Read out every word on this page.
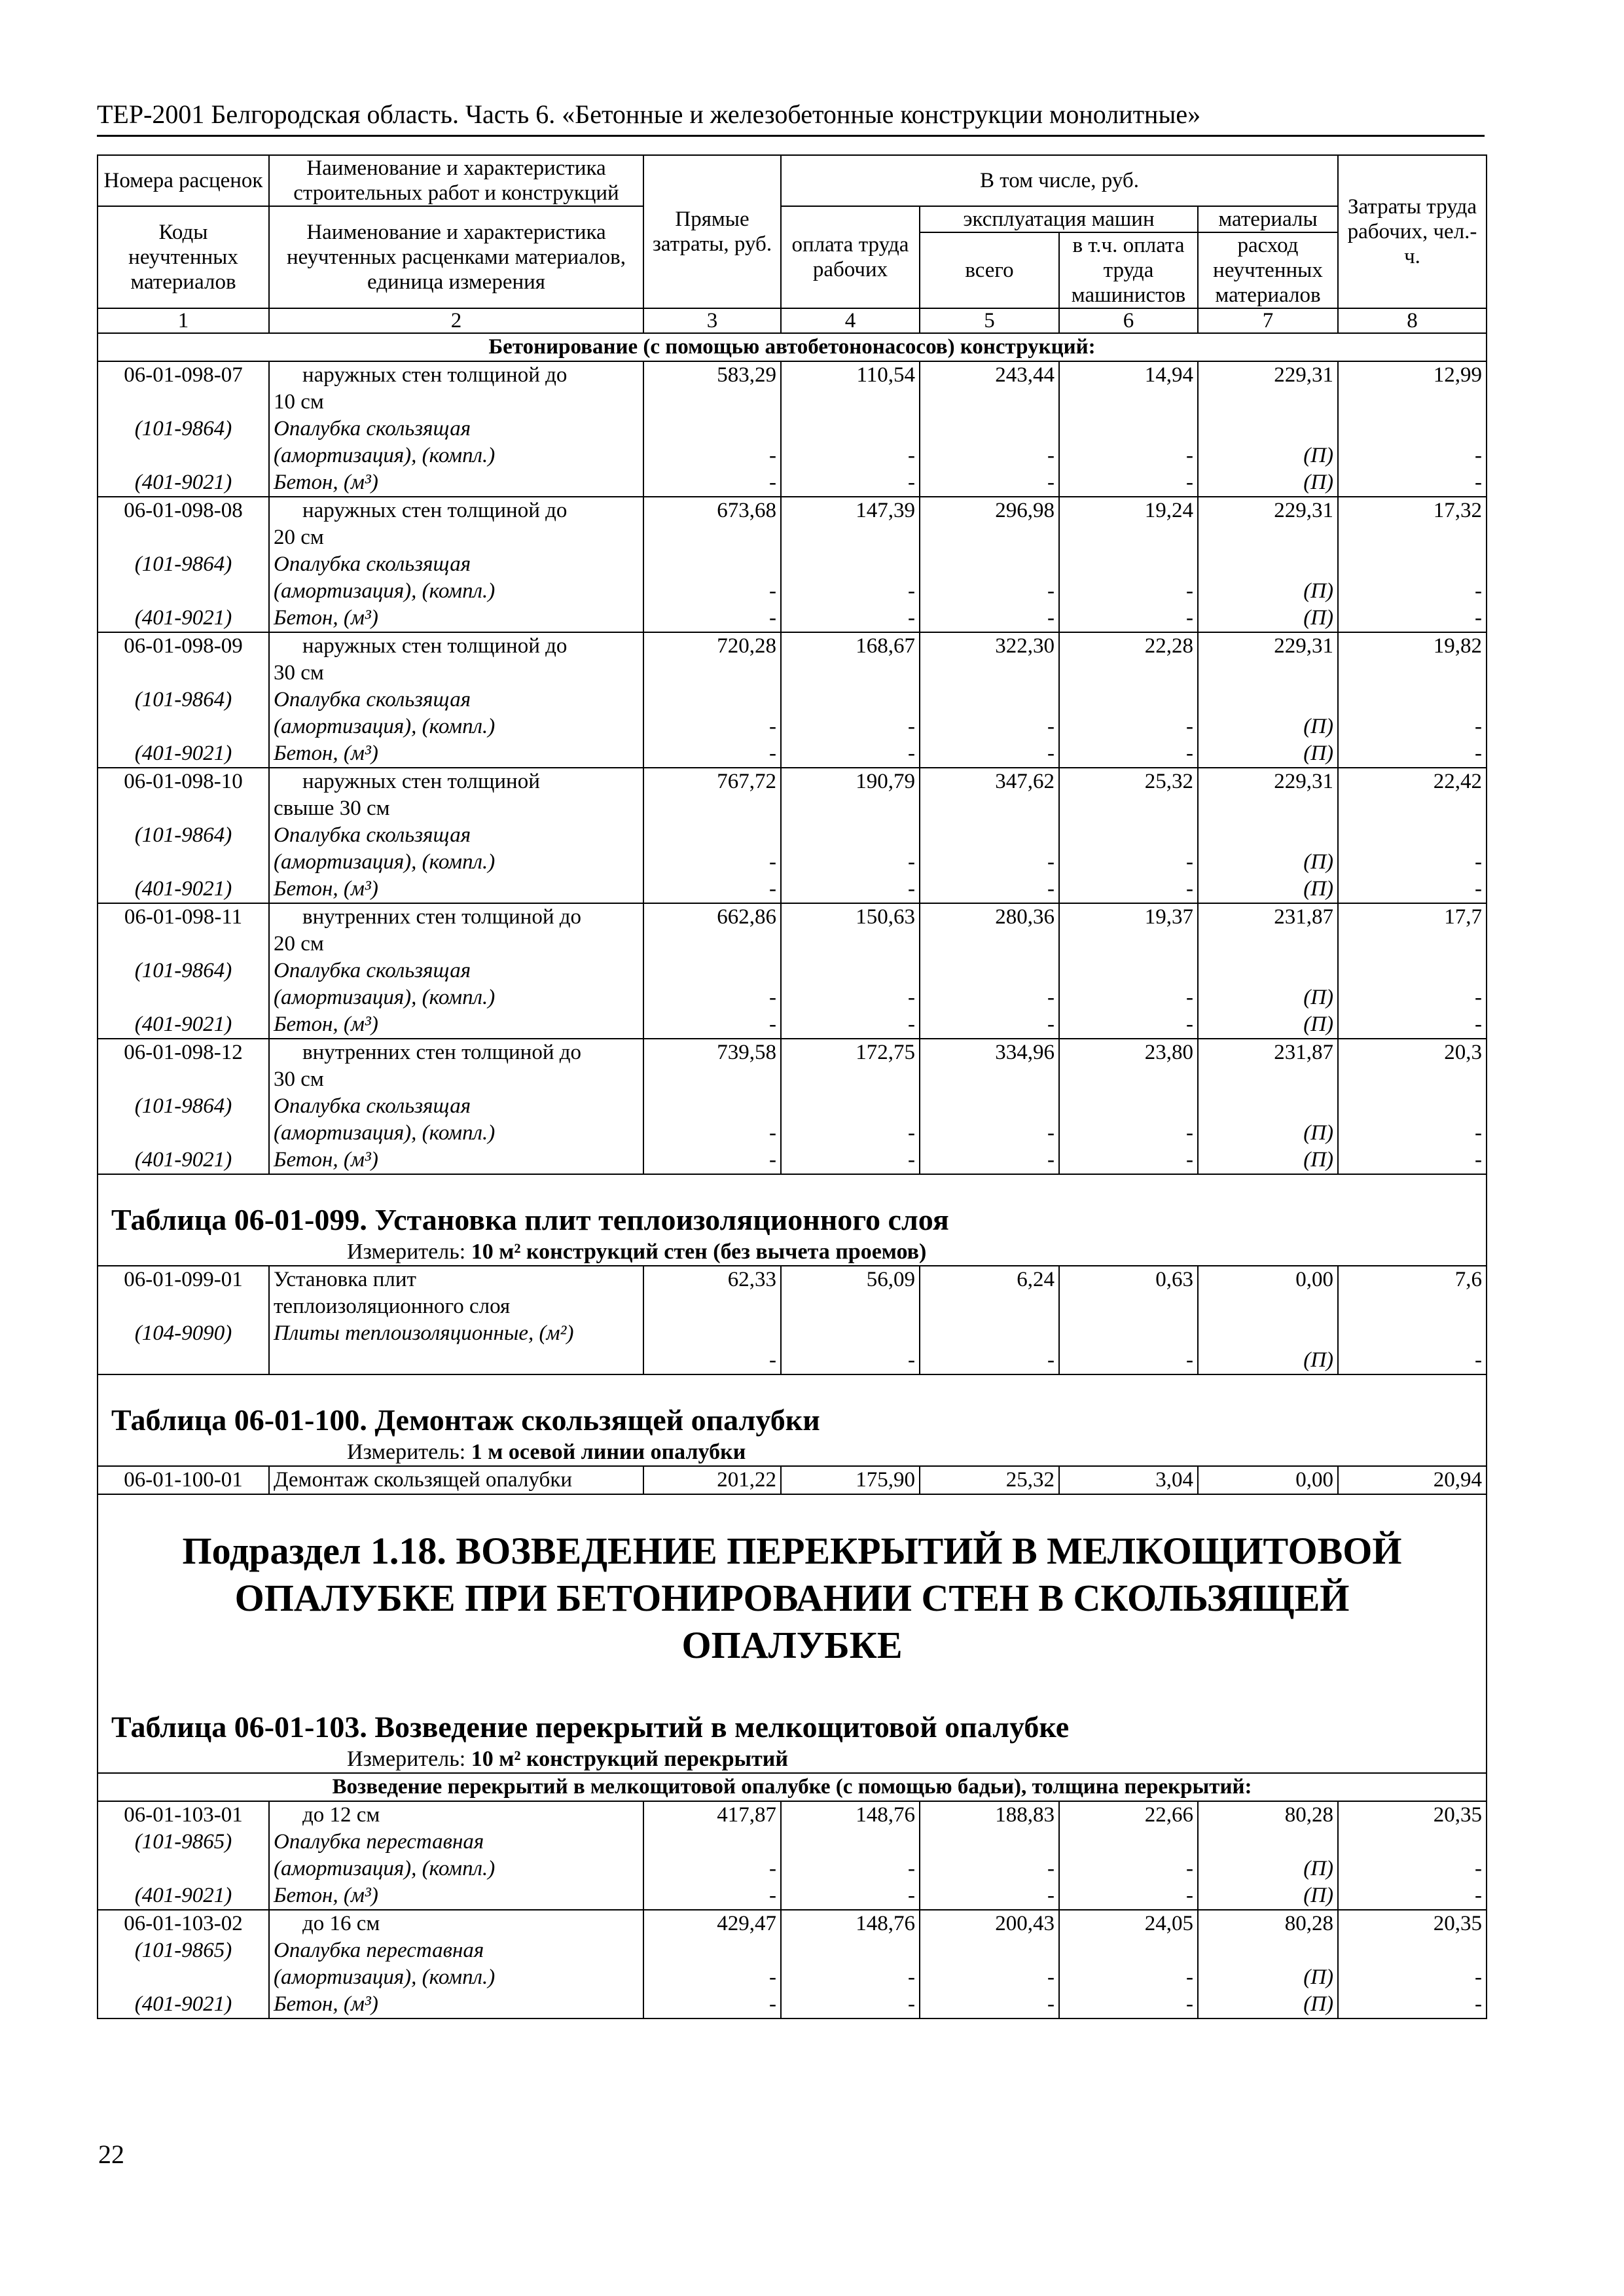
ТЕР-2001 Белгородская область. Часть 6. «Бетонные и железобетонные конструкции монолитные»
Номера расценок	Наименование и характеристика строительных работ и конструкций	Прямые затраты, руб.	В том числе, руб.				Затраты труда рабочих, чел.-ч.
Коды неучтенных материалов	Наименование и характеристика неучтенных расценками материалов, единица измерения		оплата труда рабочих	эксплуатация машин		материалы	
				всего	в т.ч. оплата труда машинистов	расход неучтенных материалов	
1	2	3	4	5	6	7	8
Бетонирование (с помощью автобетононасосов) конструкций:							
06-01-098-07	наружных стен толщиной до	583,29	110,54	243,44	14,94	229,31	12,99
	10 см						
(101-9864)	Опалубка скользящая						
	(амортизация), (компл.)	-	-	-	-	(П)	-
(401-9021)	Бетон, (м³)	-	-	-	-	(П)	-
06-01-098-08	наружных стен толщиной до	673,68	147,39	296,98	19,24	229,31	17,32
	20 см						
(101-9864)	Опалубка скользящая						
	(амортизация), (компл.)	-	-	-	-	(П)	-
(401-9021)	Бетон, (м³)	-	-	-	-	(П)	-
06-01-098-09	наружных стен толщиной до	720,28	168,67	322,30	22,28	229,31	19,82
	30 см						
(101-9864)	Опалубка скользящая						
	(амортизация), (компл.)	-	-	-	-	(П)	-
(401-9021)	Бетон, (м³)	-	-	-	-	(П)	-
06-01-098-10	наружных стен толщиной	767,72	190,79	347,62	25,32	229,31	22,42
	свыше 30 см						
(101-9864)	Опалубка скользящая						
	(амортизация), (компл.)	-	-	-	-	(П)	-
(401-9021)	Бетон, (м³)	-	-	-	-	(П)	-
06-01-098-11	внутренних стен толщиной до	662,86	150,63	280,36	19,37	231,87	17,7
	20 см						
(101-9864)	Опалубка скользящая						
	(амортизация), (компл.)	-	-	-	-	(П)	-
(401-9021)	Бетон, (м³)	-	-	-	-	(П)	-
06-01-098-12	внутренних стен толщиной до	739,58	172,75	334,96	23,80	231,87	20,3
	30 см						
(101-9864)	Опалубка скользящая						
	(амортизация), (компл.)	-	-	-	-	(П)	-
(401-9021)	Бетон, (м³)	-	-	-	-	(П)	-
Таблица 06-01-099. Установка плит теплоизоляционного слоя							
Измеритель: 10 м² конструкций стен (без вычета проемов)							
06-01-099-01	Установка плит	62,33	56,09	6,24	0,63	0,00	7,6
	теплоизоляционного слоя						
(104-9090)	Плиты теплоизоляционные, (м²)						
		-	-	-	-	(П)	-
Таблица 06-01-100. Демонтаж скользящей опалубки							
Измеритель: 1 м осевой линии опалубки							
06-01-100-01	Демонтаж скользящей опалубки	201,22	175,90	25,32	3,04	0,00	20,94
Подраздел 1.18. ВОЗВЕДЕНИЕ ПЕРЕКРЫТИЙ В МЕЛКОЩИТОВОЙ ОПАЛУБКЕ ПРИ БЕТОНИРОВАНИИ СТЕН В СКОЛЬЗЯЩЕЙ ОПАЛУБКЕ							
Таблица 06-01-103. Возведение перекрытий в мелкощитовой опалубке							
Измеритель: 10 м² конструкций перекрытий							
Возведение перекрытий в мелкощитовой опалубке (с помощью бадьи), толщина перекрытий:							
06-01-103-01	до 12 см	417,87	148,76	188,83	22,66	80,28	20,35
(101-9865)	Опалубка переставная						
	(амортизация), (компл.)	-	-	-	-	(П)	-
(401-9021)	Бетон, (м³)	-	-	-	-	(П)	-
06-01-103-02	до 16 см	429,47	148,76	200,43	24,05	80,28	20,35
(101-9865)	Опалубка переставная						
	(амортизация), (компл.)	-	-	-	-	(П)	-
(401-9021)	Бетон, (м³)	-	-	-	-	(П)	-
22
